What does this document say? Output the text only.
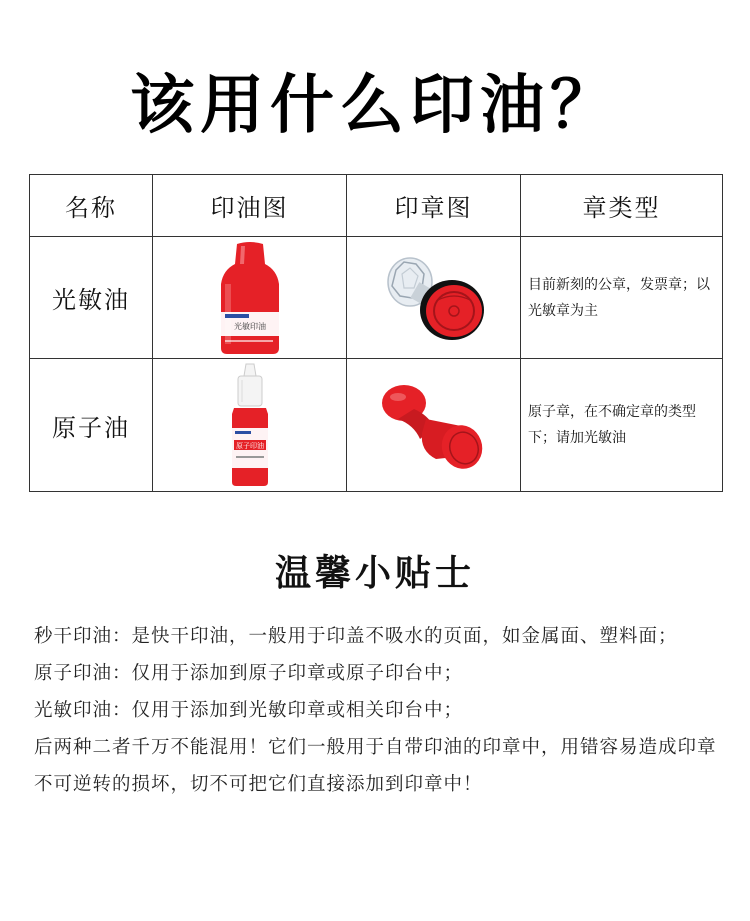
该用什么印油？
名称	印油图	印章图	章类型
光敏油	光敏印油		目前新刻的公章，发票章；以光敏章为主
原子油	原子印油		原子章，在不确定章的类型下；请加光敏油
温馨小贴士

秒干印油：是快干印油，一般用于印盖不吸水的页面，如金属面、塑料面；

原子印油：仅用于添加到原子印章或原子印台中；

光敏印油：仅用于添加到光敏印章或相关印台中；

后两种二者千万不能混用！它们一般用于自带印油的印章中，用错容易造成印章不可逆转的损坏，切不可把它们直接添加到印章中！
